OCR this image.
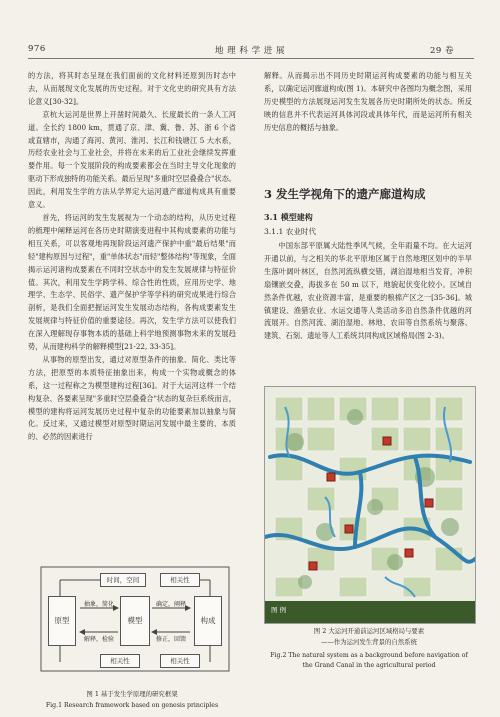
976	地 理 科 学 进 展	29 卷

的方法，将其时态呈现在我们面前的文化材料还原到历时态中去，从而展现文化发展的历史过程。对于文化史的研究具有方法论意义[30-32]。

京杭大运河是世界上开凿时间最久、长度最长的一条人工河道。全长约 1800 km，贯通了京、津、冀、鲁、苏、浙 6 个省或直辖市，沟通了海河、黄河、淮河、长江和钱塘江 5 大水系，历经农业社会与工业社会，并将在未来的后工业社会继续发挥重要作用。每一个发展阶段的构成要素都会在当时主导文化现象的驱动下形成独特的功能关系。最后呈现"多重时空层叠叠合"状态。因此，利用发生学的方法从学界定大运河遗产廊道构成具有重要意义。

首先，将运河的发生发展视为一个动态的结构，从历史过程的梳理中阐释运河在各历史时期演变进程中其构成要素的功能与相互关系，可以客观地再现阶段运河遗产保护中重"最后结果"而轻"建构原因与过程"，重"单体状态"而轻"整体结构"等现象，全面揭示运河诸构成要素在不同时空状态中的发生发展规律与特征价值。其次，利用发生学跨学科、综合性的性质，应用历史学、地理学、生态学、民俗学、遗产保护学等学科的研究成果进行综合剖析，是我们全面把握运河发生发展动态结构，各构成要素发生发展规律与特征价值的重要途径。再次，发生学方法可以使我们在深入理解现存事物本质的基础上科学地预测事物未来的发展趋势，从而建构科学的解释模型[21-22, 33-35]。

从事物的原型出发，通过对原型条件的抽象、简化、类比等方法，把原型的本质特征抽象出来，构成一个实物或概念的体系，这一过程称之为模型建构过程[36]。对于大运河这样一个结构复杂、各要素呈现"多重时空层叠叠合"状态的复杂巨系统而言，模型的建构将运河发展历史过程中复杂的功能要素加以抽象与简化。反过来，又通过模型对原型时期运河发展中最主要的、本质的、必然的因素进行

时间，空间	相关性
原型	模型	构成
抽象，简化	确定，阐释
解释，检验	修正，回馈
相关性	相关性
图 1 基于发生学原理的研究框架
Fig.1 Research framework based on genesis principles

解释。从而揭示出不同历史时期运河构成要素的功能与相互关系，以确定运河廊道构成(图 1)。本研究中各图均为概念图，采用历史模型的方法展现运河发生发展各历史时期所处的状态。所反映的信息并不代表运河具体河段或具体年代，而是运河所有相关历史信息的概括与抽象。

3 发生学视角下的遗产廊道构成
3.1 模型建构
3.1.1 农业时代

中国东部平原属大陆性季风气候，全年雨量不均。在大运河开通以前，与之相关的华北平原地区属于自然地理区划中的半旱生落叶阔叶林区，自然河流纵横交错，湖泊湿地相当发育，冲积扇镶嵌交叠，海拔多在 50 m 以下，地貌起伏变化较小。区域自然条件优越，农业资源丰富，是重要的粮棉产区之一[35-36]。城镇建设、渔猎农业、水运交通等人类活动多沿自然条件优越的河流展开。自然河流、湖泊湿地、林地、农田等自然系统与聚落、建筑、石刻、遗址等人工系统共同构成区域格局(图 2-3)。

图 例
图 2 大运河开通前运河区域格局与要素
——作为运河发生背景的自然系统
Fig.2 The natural system as a background before navigation of
the Grand Canal in the agricultural period
